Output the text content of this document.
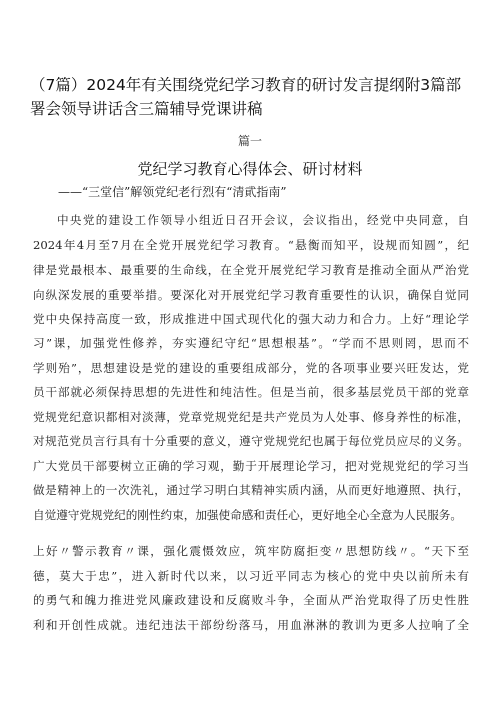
（7篇）2024年有关围绕党纪学习教育的研讨发言提纲附3篇部署会领导讲话含三篇辅导党课讲稿
篇一
党纪学习教育心得体会、研讨材料
——“三堂信”解领党纪老行烈有“清貮指南”
中央党的建设工作领导小组近日召开会议，会议指出，经党中央同意，自
2024年4月至7月在全党开展党纪学习教育。“悬衡而知平，设规而知圆”，纪
律是党最根本、最重要的生命线，在全党开展党纪学习教育是推动全面从严治党
向纵深发展的重要举措。要深化对开展党纪学习教育重要性的认识，确保自觉同
党中央保持高度一致，形成推进中国式现代化的强大动力和合力。上好“理论学
习”课，加强党性修养，夯实遵纪守纪“思想根基”。“学而不思则罔，思而不
学则殆”，思想建设是党的建设的重要组成部分，党的各项事业要兴旺发达，党
员干部就必须保持思想的先进性和纯洁性。但是当前，很多基层党员干部的党章
党规党纪意识都相对淡薄，党章党规党纪是共产党员为人处事、修身养性的标准，
对规范党员言行具有十分重要的意义，遵守党规党纪也属于每位党员应尽的义务。
广大党员干部要树立正确的学习观，勤于开展理论学习，把对党规党纪的学习当
做是精神上的一次洗礼，通过学习明白其精神实质内涵，从而更好地遵照、执行，
自觉遵守党规党纪的刚性约束，加强使命感和责任心，更好地全心全意为人民服务。
上好〃警示教育〃课，强化震慑效应，筑牢防腐拒变〃思想防线〃。“天下至
德，莫大于忠”，进入新时代以来，以习近平同志为核心的党中央以前所未有
的勇气和魄力推进党风廉政建设和反腐败斗争，全面从严治党取得了历史性胜
利和开创性成就。违纪违法干部纷纷落马，用血淋淋的教训为更多人拉响了全
